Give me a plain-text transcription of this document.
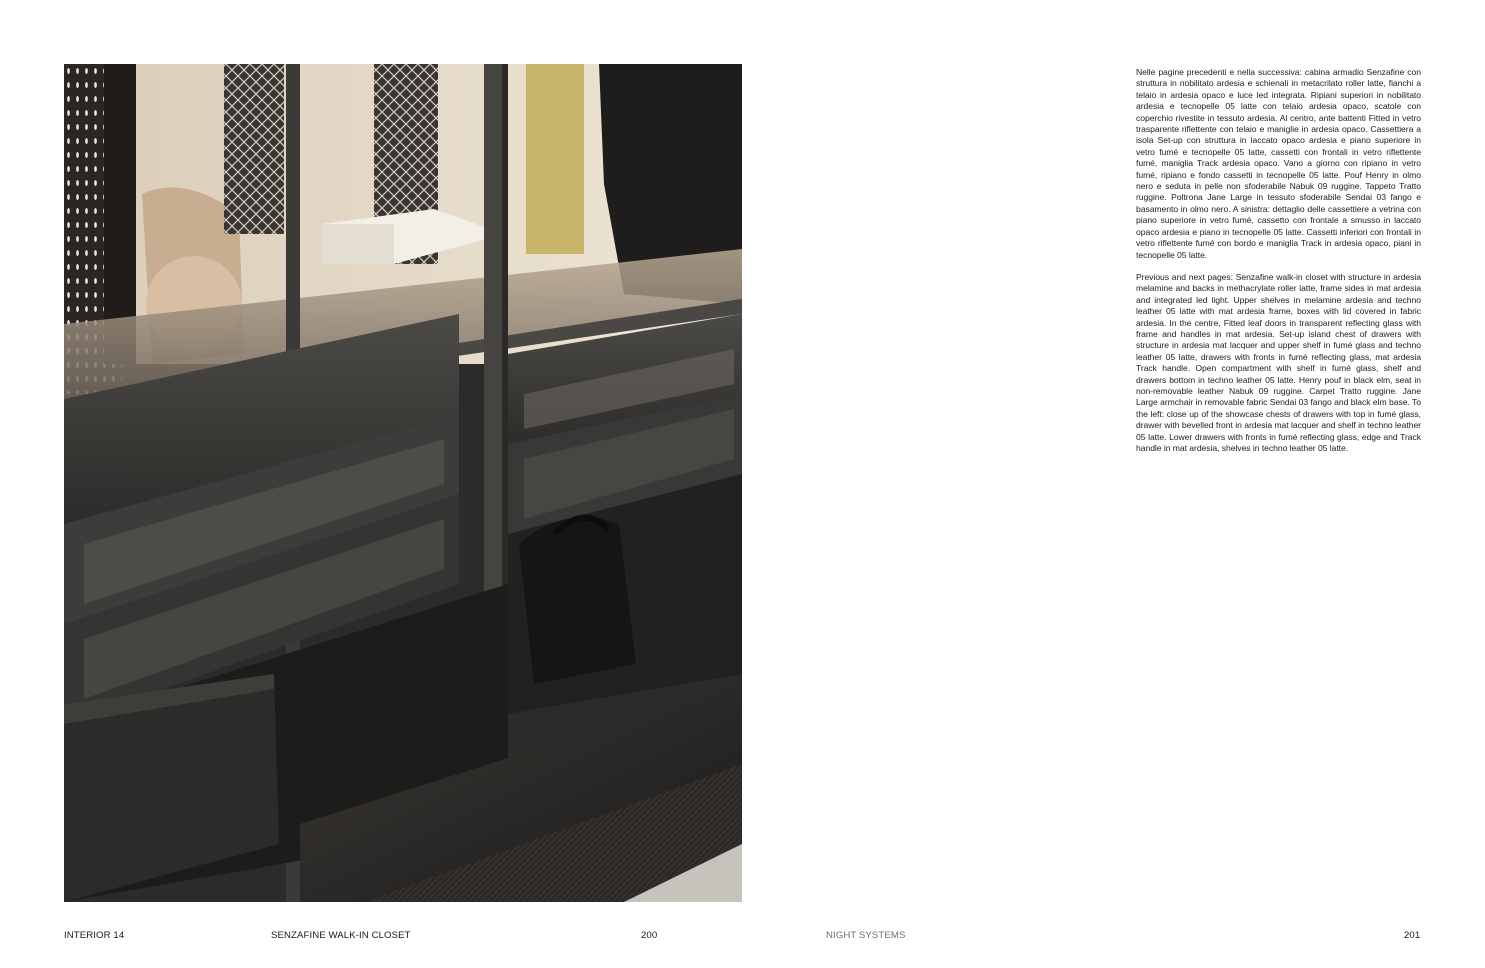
Nelle pagine precedenti e nella successiva: cabina armadio Senzafine con struttura in nobilitato ardesia e schienali in metacrilato roller latte, fianchi a telaio in ardesia opaco e luce led integrata. Ripiani superiori in nobilitato ardesia e tecnopelle 05 latte con telaio ardesia opaco, scatole con coperchio rivestite in tessuto ardesia. Al centro, ante battenti Fitted in vetro trasparente riflettente con telaio e maniglie in ardesia opaco. Cassettiera a isola Set-up con struttura in laccato opaco ardesia e piano superiore in vetro fumé e tecnopelle 05 latte, cassetti con frontali in vetro riflettente fumé, maniglia Track ardesia opaco. Vano a giorno con ripiano in vetro fumé, ripiano e fondo cassetti in tecnopelle 05 latte. Pouf Henry in olmo nero e seduta in pelle non sfoderabile Nabuk 09 ruggine. Tappeto Tratto ruggine. Poltrona Jane Large in tessuto sfoderabile Sendai 03 fango e basamento in olmo nero. A sinistra: dettaglio delle cassettiere a vetrina con piano superiore in vetro fumé, cassetto con frontale a smusso in laccato opaco ardesia e piano in tecnopelle 05 latte. Cassetti inferiori con frontali in vetro riflettente fumé con bordo e maniglia Track in ardesia opaco, piani in tecnopelle 05 latte.

Previous and next pages: Senzafine walk-in closet with structure in ardesia melamine and backs in methacrylate roller latte, frame sides in mat ardesia and integrated led light. Upper shelves in melamine ardesia and techno leather 05 latte with mat ardesia frame, boxes with lid covered in fabric ardesia. In the centre, Fitted leaf doors in transparent reflecting glass with frame and handles in mat ardesia. Set-up island chest of drawers with structure in ardesia mat lacquer and upper shelf in fumé glass and techno leather 05 latte, drawers with fronts in fumé reflecting glass, mat ardesia Track handle. Open compartment with shelf in fumé glass, shelf and drawers bottom in techno leather 05 latte. Henry pouf in black elm, seat in non-removable leather Nabuk 09 ruggine. Carpet Tratto ruggine. Jane Large armchair in removable fabric Sendai 03 fango and black elm base. To the left: close up of the showcase chests of drawers with top in fumé glass, drawer with bevelled front in ardesia mat lacquer and shelf in techno leather 05 latte. Lower drawers with fronts in fumé reflecting glass, edge and Track handle in mat ardesia, shelves in techno leather 05 latte.

INTERIOR 14	SENZAFINE WALK-IN CLOSET	200	NIGHT SYSTEMS	201
